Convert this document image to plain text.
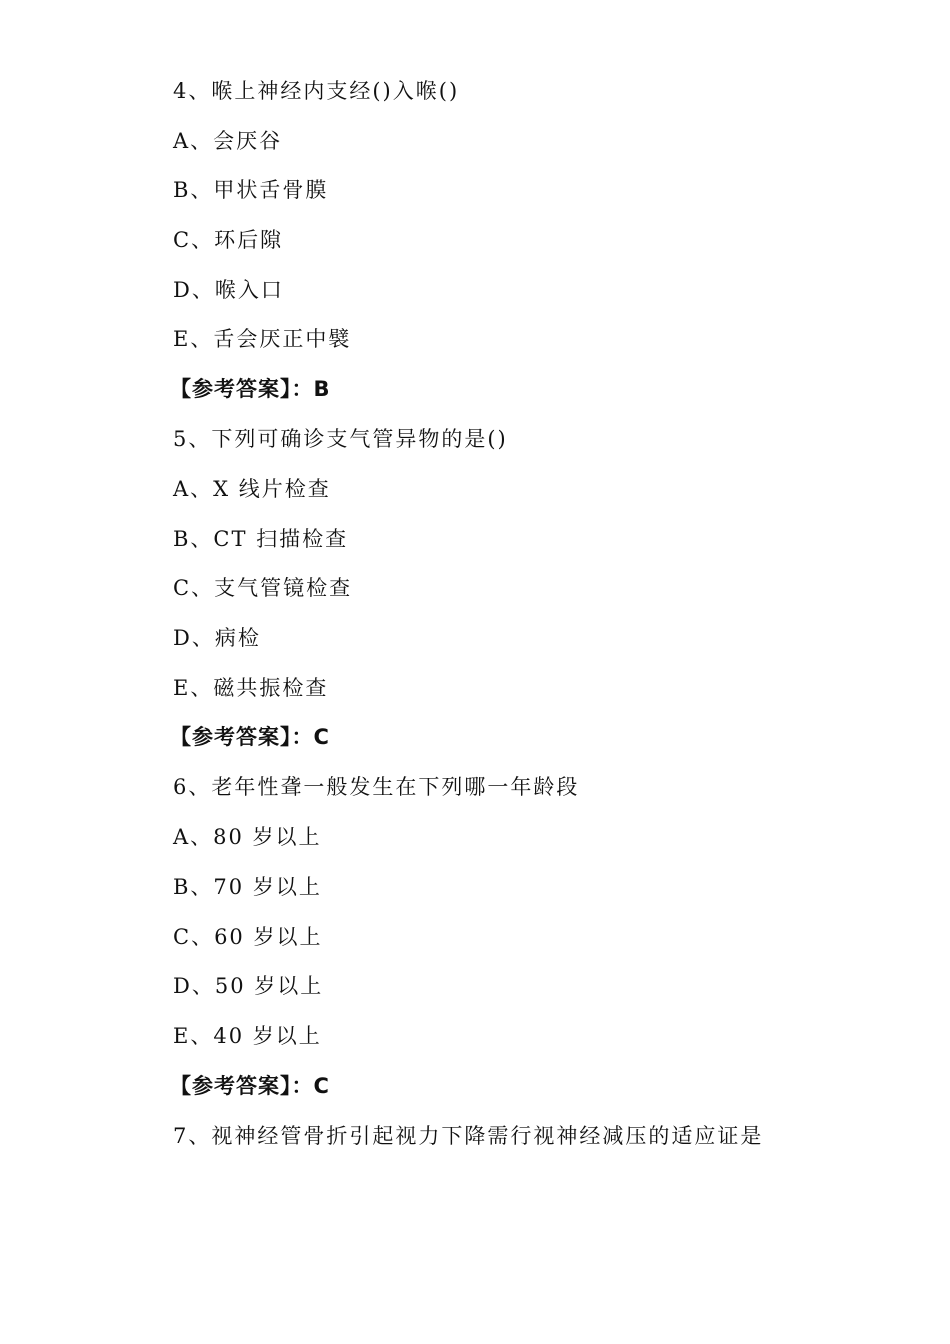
4、喉上神经内支经()入喉()
A、会厌谷
B、甲状舌骨膜
C、环后隙
D、喉入口
E、舌会厌正中襞
【参考答案】：B
5、下列可确诊支气管异物的是()
A、X 线片检查
B、CT 扫描检查
C、支气管镜检查
D、病检
E、磁共振检查
【参考答案】：C
6、老年性聋一般发生在下列哪一年龄段
A、80 岁以上
B、70 岁以上
C、60 岁以上
D、50 岁以上
E、40 岁以上
【参考答案】：C
7、视神经管骨折引起视力下降需行视神经减压的适应证是
